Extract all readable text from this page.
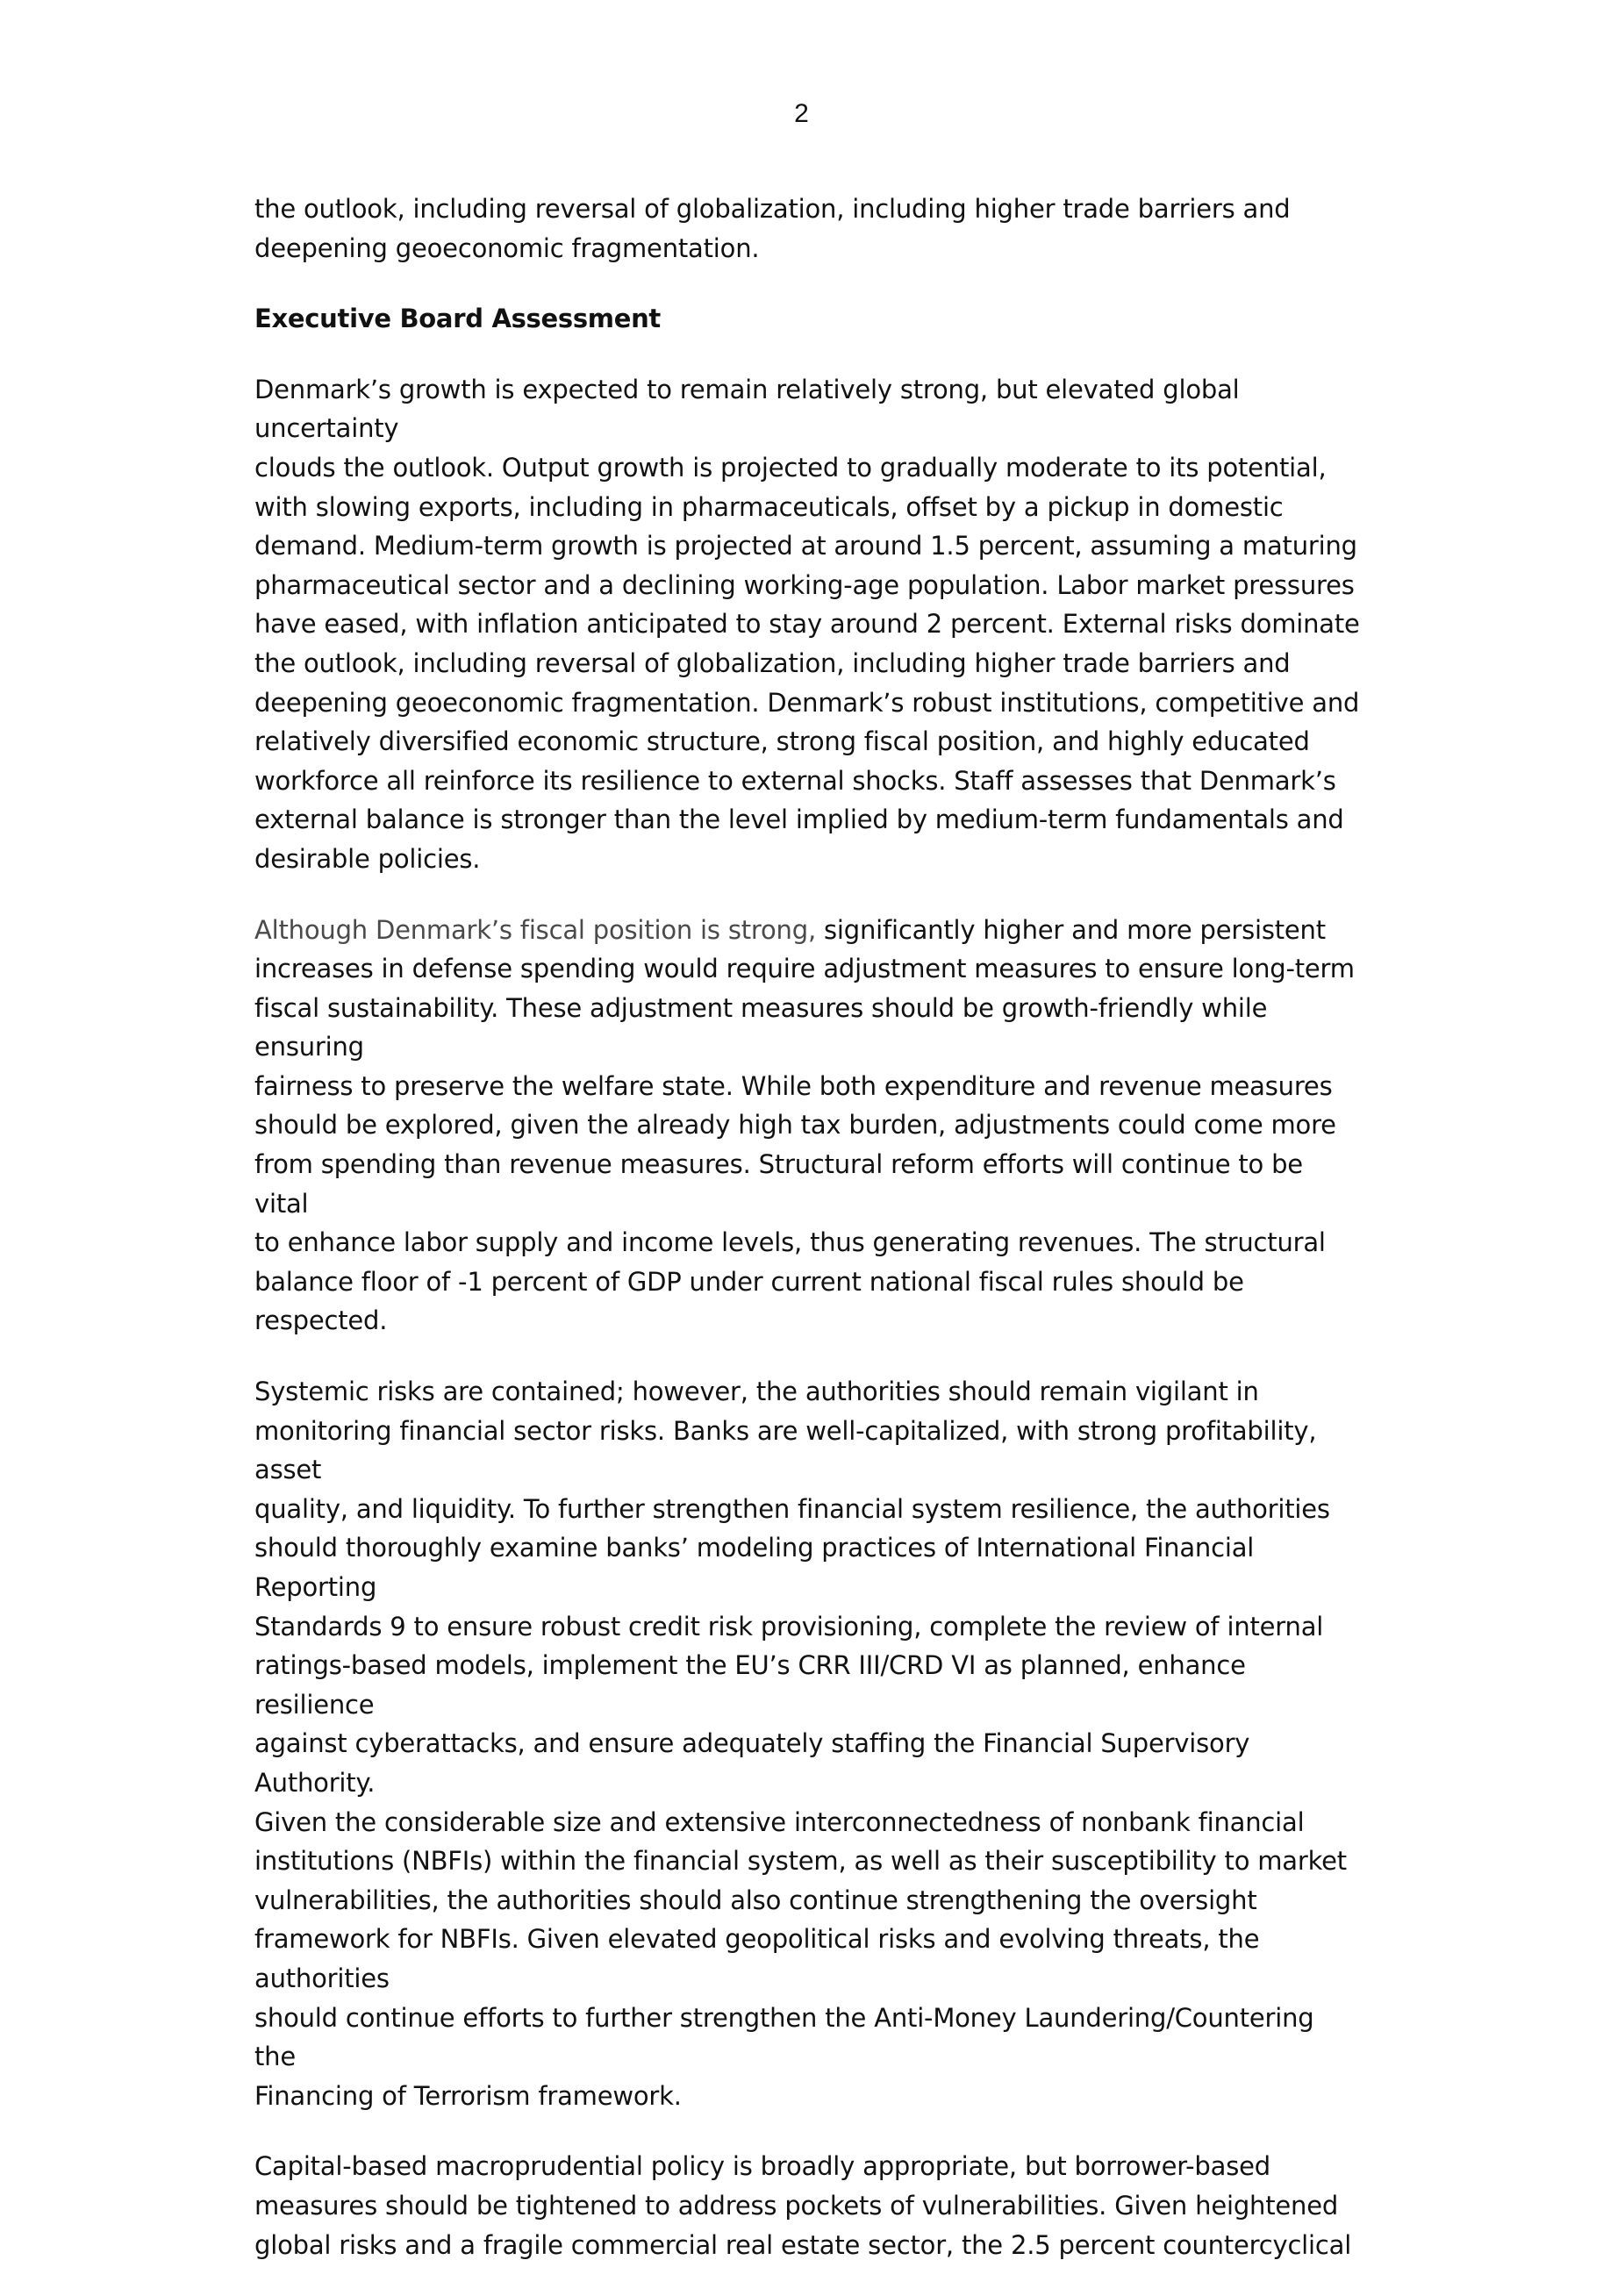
2

the outlook, including reversal of globalization, including higher trade barriers and
deepening geoeconomic fragmentation.

Executive Board Assessment

Denmark’s growth is expected to remain relatively strong, but elevated global uncertainty
clouds the outlook. Output growth is projected to gradually moderate to its potential,
with slowing exports, including in pharmaceuticals, offset by a pickup in domestic
demand. Medium-term growth is projected at around 1.5 percent, assuming a maturing
pharmaceutical sector and a declining working-age population. Labor market pressures
have eased, with inflation anticipated to stay around 2 percent. External risks dominate
the outlook, including reversal of globalization, including higher trade barriers and
deepening geoeconomic fragmentation. Denmark’s robust institutions, competitive and
relatively diversified economic structure, strong fiscal position, and highly educated
workforce all reinforce its resilience to external shocks. Staff assesses that Denmark’s
external balance is stronger than the level implied by medium-term fundamentals and
desirable policies.

Although Denmark’s fiscal position is strong, significantly higher and more persistent
increases in defense spending would require adjustment measures to ensure long-term
fiscal sustainability. These adjustment measures should be growth-friendly while ensuring
fairness to preserve the welfare state. While both expenditure and revenue measures
should be explored, given the already high tax burden, adjustments could come more
from spending than revenue measures. Structural reform efforts will continue to be vital
to enhance labor supply and income levels, thus generating revenues. The structural
balance floor of -1 percent of GDP under current national fiscal rules should be respected.

Systemic risks are contained; however, the authorities should remain vigilant in
monitoring financial sector risks. Banks are well-capitalized, with strong profitability, asset
quality, and liquidity. To further strengthen financial system resilience, the authorities
should thoroughly examine banks’ modeling practices of International Financial Reporting
Standards 9 to ensure robust credit risk provisioning, complete the review of internal
ratings-based models, implement the EU’s CRR III/CRD VI as planned, enhance resilience
against cyberattacks, and ensure adequately staffing the Financial Supervisory Authority.
Given the considerable size and extensive interconnectedness of nonbank financial
institutions (NBFIs) within the financial system, as well as their susceptibility to market
vulnerabilities, the authorities should also continue strengthening the oversight
framework for NBFIs. Given elevated geopolitical risks and evolving threats, the authorities
should continue efforts to further strengthen the Anti-Money Laundering/Countering the
Financing of Terrorism framework.

Capital-based macroprudential policy is broadly appropriate, but borrower-based
measures should be tightened to address pockets of vulnerabilities. Given heightened
global risks and a fragile commercial real estate sector, the 2.5 percent countercyclical
